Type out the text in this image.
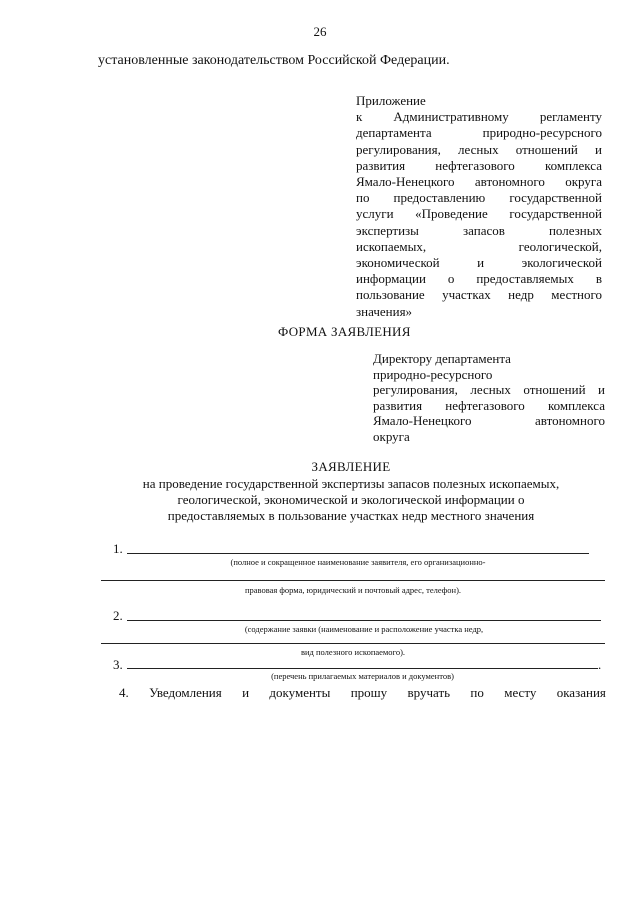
26
установленные законодательством Российской Федерации.
Приложение
к Административному регламенту
департамента природно-ресурсного
регулирования, лесных отношений и
развития нефтегазового комплекса
Ямало-Ненецкого автономного округа
по предоставлению государственной
услуги «Проведение государственной
экспертизы запасов полезных
ископаемых, геологической,
экономической и экологической
информации о предоставляемых в
пользование участках недр местного
значения»
ФОРМА ЗАЯВЛЕНИЯ
Директору департамента
природно-ресурсного
регулирования, лесных отношений и
развития нефтегазового комплекса
Ямало-Ненецкого автономного
округа
ЗАЯВЛЕНИЕ
на проведение государственной экспертизы запасов полезных ископаемых,
геологической, экономической и экологической информации о
предоставляемых в пользование участках недр местного значения
1.
(полное и сокращенное наименование заявителя, его организационно-
правовая форма, юридический и почтовый адрес, телефон).
2.
(содержание заявки (наименование и расположение участка недр,
вид полезного ископаемого).
3.	.
(перечень прилагаемых материалов и документов)
4. Уведомления и документы прошу вручать по месту оказания
